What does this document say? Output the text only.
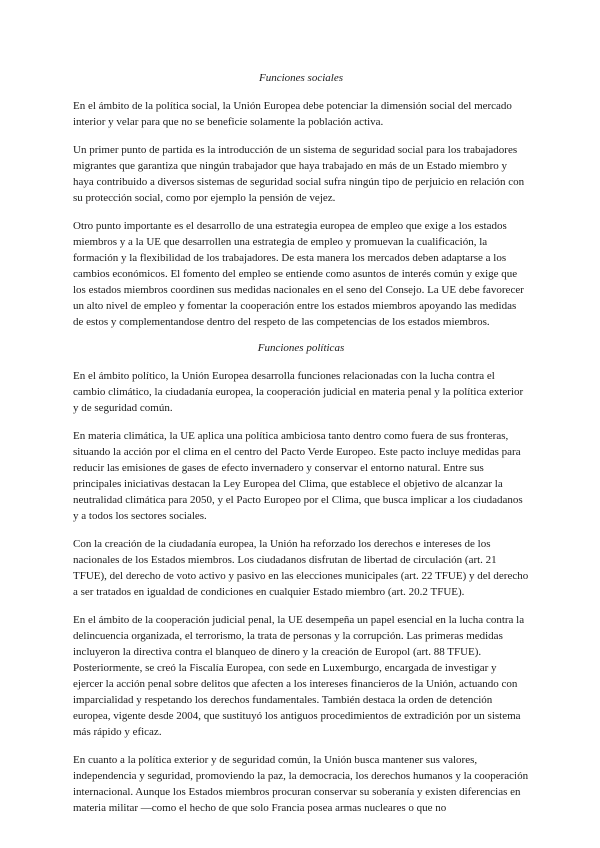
Funciones sociales

En el ámbito de la política social, la Unión Europea debe potenciar la dimensión social del mercado interior y velar para que no se beneficie solamente la población activa.

Un primer punto de partida es la introducción de un sistema de seguridad social para los trabajadores migrantes que garantiza que ningún trabajador que haya trabajado en más de un Estado miembro y haya contribuido a diversos sistemas de seguridad social sufra ningún tipo de perjuicio en relación con su protección social, como por ejemplo la pensión de vejez.

Otro punto importante es el desarrollo de una estrategia europea de empleo que exige a los estados miembros y a la UE que desarrollen una estrategia de empleo y promuevan la cualificación, la formación y la flexibilidad de los trabajadores. De esta manera los mercados deben adaptarse a los cambios económicos. El fomento del empleo se entiende como asuntos de interés común y exige que los estados miembros coordinen sus medidas nacionales en el seno del Consejo. La UE debe favorecer un alto nivel de empleo y fomentar la cooperación entre los estados miembros apoyando las medidas de estos y complementandose dentro del respeto de las competencias de los estados miembros.

Funciones políticas

En el ámbito político, la Unión Europea desarrolla funciones relacionadas con la lucha contra el cambio climático, la ciudadanía europea, la cooperación judicial en materia penal y la política exterior y de seguridad común.

En materia climática, la UE aplica una política ambiciosa tanto dentro como fuera de sus fronteras, situando la acción por el clima en el centro del Pacto Verde Europeo. Este pacto incluye medidas para reducir las emisiones de gases de efecto invernadero y conservar el entorno natural. Entre sus principales iniciativas destacan la Ley Europea del Clima, que establece el objetivo de alcanzar la neutralidad climática para 2050, y el Pacto Europeo por el Clima, que busca implicar a los ciudadanos y a todos los sectores sociales.

Con la creación de la ciudadanía europea, la Unión ha reforzado los derechos e intereses de los nacionales de los Estados miembros. Los ciudadanos disfrutan de libertad de circulación (art. 21 TFUE), del derecho de voto activo y pasivo en las elecciones municipales (art. 22 TFUE) y del derecho a ser tratados en igualdad de condiciones en cualquier Estado miembro (art. 20.2 TFUE).

En el ámbito de la cooperación judicial penal, la UE desempeña un papel esencial en la lucha contra la delincuencia organizada, el terrorismo, la trata de personas y la corrupción. Las primeras medidas incluyeron la directiva contra el blanqueo de dinero y la creación de Europol (art. 88 TFUE). Posteriormente, se creó la Fiscalía Europea, con sede en Luxemburgo, encargada de investigar y ejercer la acción penal sobre delitos que afecten a los intereses financieros de la Unión, actuando con imparcialidad y respetando los derechos fundamentales. También destaca la orden de detención europea, vigente desde 2004, que sustituyó los antiguos procedimientos de extradición por un sistema más rápido y eficaz.

En cuanto a la política exterior y de seguridad común, la Unión busca mantener sus valores, independencia y seguridad, promoviendo la paz, la democracia, los derechos humanos y la cooperación internacional. Aunque los Estados miembros procuran conservar su soberanía y existen diferencias en materia militar —como el hecho de que solo Francia posea armas nucleares o que no
